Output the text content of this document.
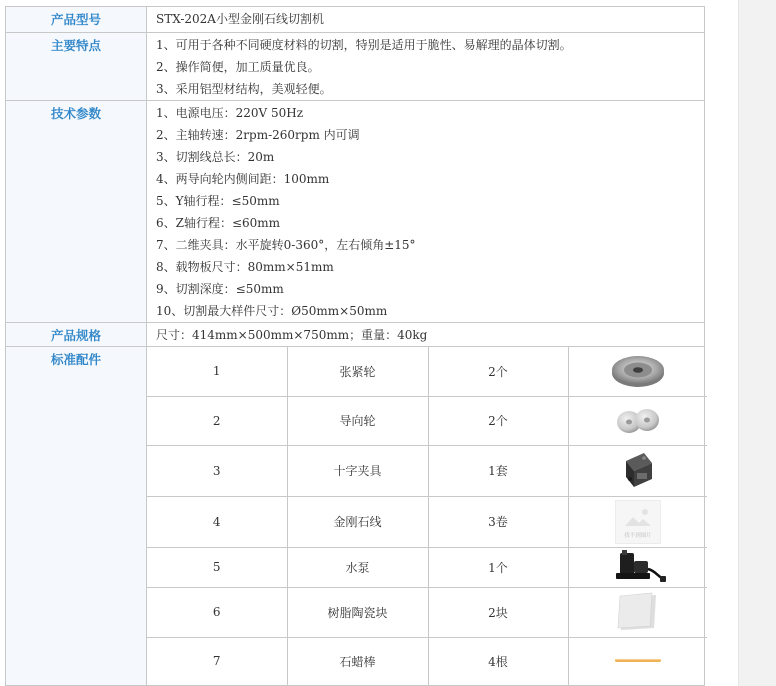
产品型号	STX-202A小型金刚石线切割机

主要特点	1、可用于各种不同硬度材料的切割，特别是适用于脆性、易解理的晶体切割。
2、操作简便，加工质量优良。
3、采用铝型材结构，美观轻便。

技术参数	1、电源电压：220V 50Hz
2、主轴转速：2rpm-260rpm 内可调
3、切割线总长：20m
4、两导向轮内侧间距：100mm
5、Y轴行程：≤50mm
6、Z轴行程：≤60mm
7、二维夹具：水平旋转0-360°，左右倾角±15°
8、载物板尺寸：80mm×51mm
9、切割深度：≤50mm
10、切割最大样件尺寸：Ø50mm×50mm

产品规格	尺寸：414mm×500mm×750mm；重量：40kg

标准配件	
1	张紧轮	2个	

2	导向轮	2个	

3	十字夹具	1套	

4	金刚石线	3卷	
找不到图片

5	水泵	1个	

6	树脂陶瓷块	2块	

7	石蜡棒	4根	
